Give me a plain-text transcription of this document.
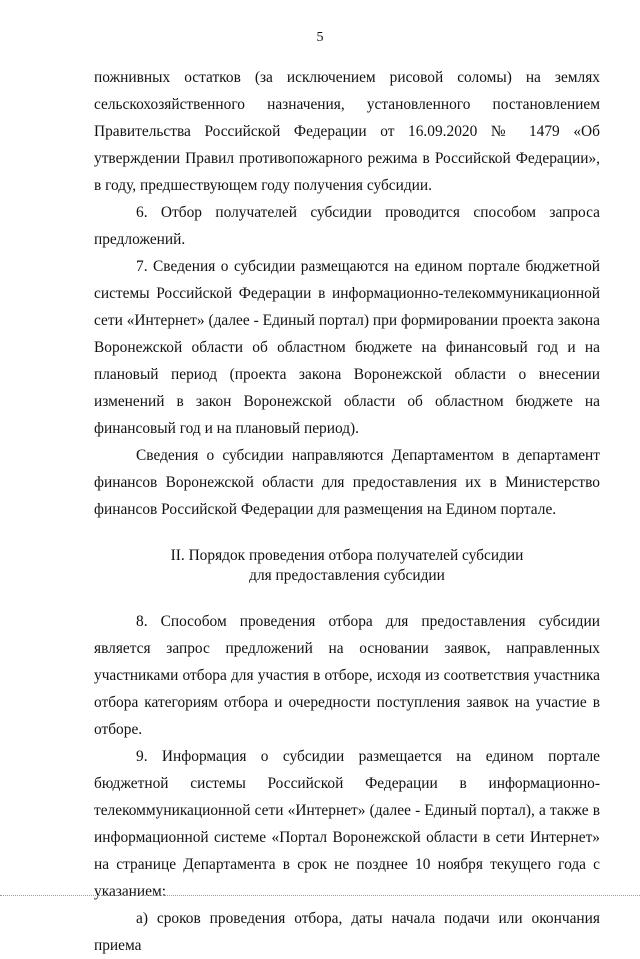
5

пожнивных остатков (за исключением рисовой соломы) на землях сельскохозяйственного назначения, установленного постановлением Правительства Российской Федерации от 16.09.2020 № 1479 «Об утверждении Правил противопожарного режима в Российской Федерации», в году, предшествующем году получения субсидии.

6. Отбор получателей субсидии проводится способом запроса предложений.

7. Сведения о субсидии размещаются на едином портале бюджетной системы Российской Федерации в информационно-телекоммуникационной сети «Интернет» (далее - Единый портал) при формировании проекта закона Воронежской области об областном бюджете на финансовый год и на плановый период (проекта закона Воронежской области о внесении изменений в закон Воронежской области об областном бюджете на финансовый год и на плановый период).

Сведения о субсидии направляются Департаментом в департамент финансов Воронежской области для предоставления их в Министерство финансов Российской Федерации для размещения на Едином портале.

II. Порядок проведения отбора получателей субсидии
для предоставления субсидии

8. Способом проведения отбора для предоставления субсидии является запрос предложений на основании заявок, направленных участниками отбора для участия в отборе, исходя из соответствия участника отбора категориям отбора и очередности поступления заявок на участие в отборе.

9. Информация о субсидии размещается на едином портале бюджетной системы Российской Федерации в информационно-телекоммуникационной сети «Интернет» (далее - Единый портал), а также в информационной системе «Портал Воронежской области в сети Интернет» на странице Департамента в срок не позднее 10 ноября текущего года с указанием:

а) сроков проведения отбора, даты начала подачи или окончания приема
